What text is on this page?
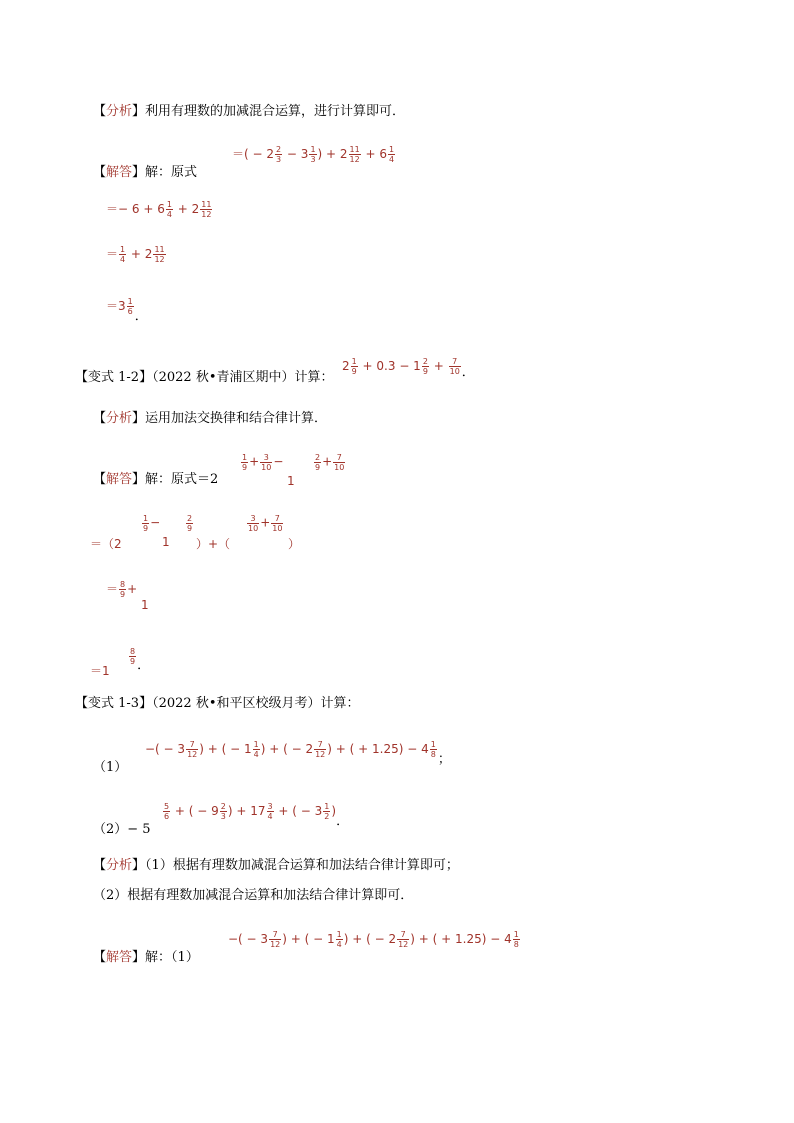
【分析】利用有理数的加减混合运算，进行计算即可．
＝( − $2 \frac{2}{3} - 3 \frac{1}{3}$ ) + $2 \frac{11}{12} + 6 \frac{1}{4}$
【解答】解：原式
＝− $6 + 6 \frac{1}{4} + 2 \frac{11}{12}$
＝ $\frac{1}{4} + 2 \frac{11}{12}$
$=3 \frac{1}{6}$
．
【变式 1-2】（2022 秋•青浦区期中）计算：
$2 \frac{1}{9} + 0.3 - 1 \frac{2}{9} + \frac{7}{10}$ ．
【分析】运用加法交换律和结合律计算．
【解答】解：原式＝2
$\frac{1}{9} + \frac{3}{10}$ −
1
$\frac{2}{9} + \frac{7}{10}$
＝（2
$\frac{1}{9}$ −
1
$\frac{2}{9}$
）+（
$\frac{3}{10} + \frac{7}{10}$
）
＝ $\frac{8}{9}$ +
1
＝1
$\frac{8}{9}$ ．
【变式 1-3】（2022 秋•和平区校级月考）计算：
（1）
−( − $3 \frac{7}{12}$ ) + ( − $1 \frac{1}{4}$ ) + ( − $2 \frac{7}{12}$ ) + ( + $1.25) - 4 \frac{1}{8}$
；
（2）− 5
$\frac{5}{6}$ + ( − $9 \frac{2}{3}$ ) + $17 \frac{3}{4}$ + ( − $3 \frac{1}{2}$ )．
【分析】（1）根据有理数加减混合运算和加法结合律计算即可；
（2）根据有理数加减混合运算和加法结合律计算即可．
【解答】解：（1）
−( − $3 \frac{7}{12}$ ) + ( − $1 \frac{1}{4}$ ) + ( − $2 \frac{7}{12}$ ) + ( + $1.25) - 4 \frac{1}{8}$
